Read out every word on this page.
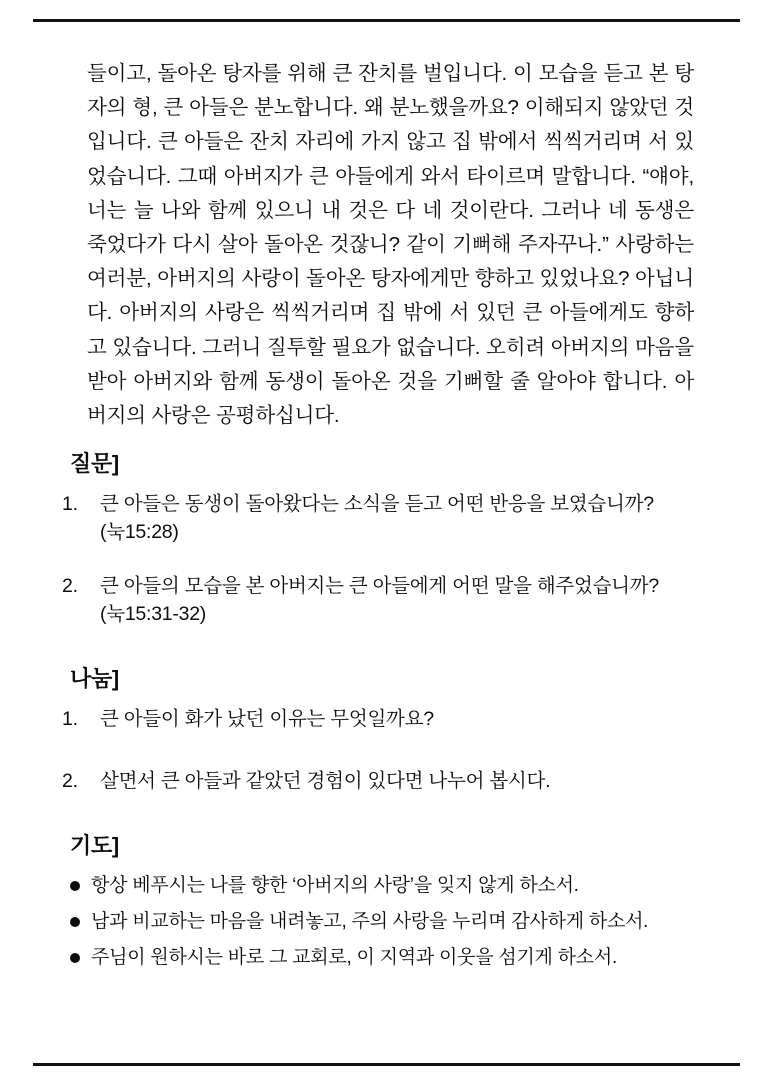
들이고, 돌아온 탕자를 위해 큰 잔치를 벌입니다. 이 모습을 듣고 본 탕자의 형, 큰 아들은 분노합니다. 왜 분노했을까요? 이해되지 않았던 것입니다. 큰 아들은 잔치 자리에 가지 않고 집 밖에서 씩씩거리며 서 있었습니다. 그때 아버지가 큰 아들에게 와서 타이르며 말합니다. “얘야, 너는 늘 나와 함께 있으니 내 것은 다 네 것이란다. 그러나 네 동생은 죽었다가 다시 살아 돌아온 것잖니? 같이 기뻐해 주자꾸나.” 사랑하는 여러분, 아버지의 사랑이 돌아온 탕자에게만 향하고 있었나요? 아닙니다. 아버지의 사랑은 씩씩거리며 집 밖에 서 있던 큰 아들에게도 향하고 있습니다. 그러니 질투할 필요가 없습니다. 오히려 아버지의 마음을 받아 아버지와 함께 동생이 돌아온 것을 기뻐할 줄 알아야 합니다. 아버지의 사랑은 공평하십니다.

질문]
1.	큰 아들은 동생이 돌아왔다는 소식을 듣고 어떤 반응을 보였습니까?
(눅15:28)
2.	큰 아들의 모습을 본 아버지는 큰 아들에게 어떤 말을 해주었습니까?
(눅15:31-32)
나눔]
1.	큰 아들이 화가 났던 이유는 무엇일까요?
2.	살면서 큰 아들과 같았던 경험이 있다면 나누어 봅시다.
기도]
항상 베푸시는 나를 향한 ‘아버지의 사랑’을 잊지 않게 하소서.
남과 비교하는 마음을 내려놓고, 주의 사랑을 누리며 감사하게 하소서.
주님이 원하시는 바로 그 교회로, 이 지역과 이웃을 섬기게 하소서.
